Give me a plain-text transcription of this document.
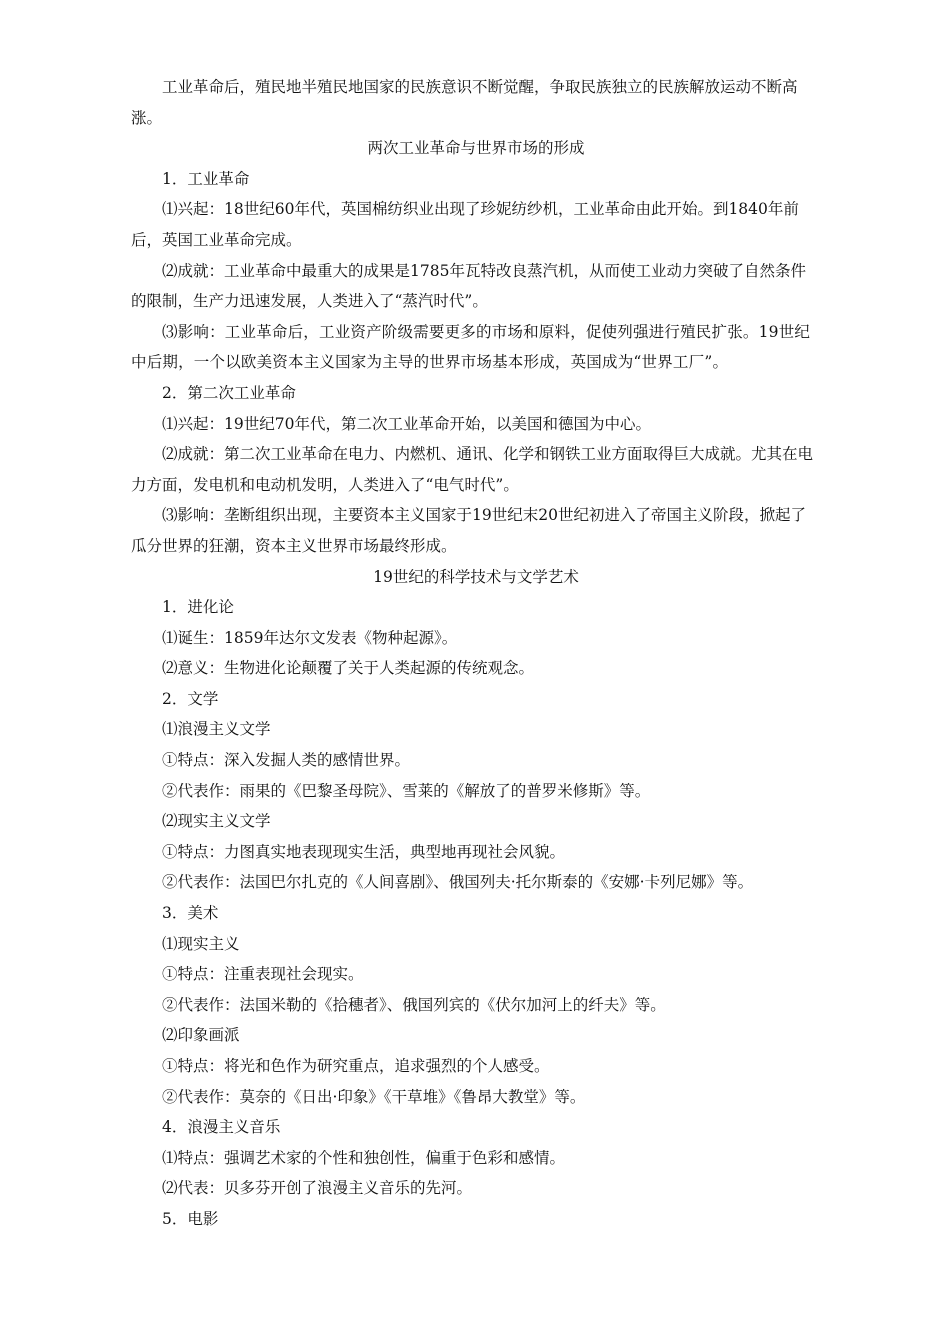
工业革命后，殖民地半殖民地国家的民族意识不断觉醒，争取民族独立的民族解放运动不断高涨。

两次工业革命与世界市场的形成

1．工业革命

⑴兴起：18世纪60年代，英国棉纺织业出现了珍妮纺纱机，工业革命由此开始。到1840年前后，英国工业革命完成。

⑵成就：工业革命中最重大的成果是1785年瓦特改良蒸汽机，从而使工业动力突破了自然条件的限制，生产力迅速发展，人类进入了“蒸汽时代”。

⑶影响：工业革命后，工业资产阶级需要更多的市场和原料，促使列强进行殖民扩张。19世纪中后期，一个以欧美资本主义国家为主导的世界市场基本形成，英国成为“世界工厂”。

2．第二次工业革命

⑴兴起：19世纪70年代，第二次工业革命开始，以美国和德国为中心。

⑵成就：第二次工业革命在电力、内燃机、通讯、化学和钢铁工业方面取得巨大成就。尤其在电力方面，发电机和电动机发明，人类进入了“电气时代”。

⑶影响：垄断组织出现，主要资本主义国家于19世纪末20世纪初进入了帝国主义阶段，掀起了瓜分世界的狂潮，资本主义世界市场最终形成。

19世纪的科学技术与文学艺术

1．进化论

⑴诞生：1859年达尔文发表《物种起源》。

⑵意义：生物进化论颠覆了关于人类起源的传统观念。

2．文学

⑴浪漫主义文学

①特点：深入发掘人类的感情世界。

②代表作：雨果的《巴黎圣母院》、雪莱的《解放了的普罗米修斯》等。

⑵现实主义文学

①特点：力图真实地表现现实生活，典型地再现社会风貌。

②代表作：法国巴尔扎克的《人间喜剧》、俄国列夫·托尔斯泰的《安娜·卡列尼娜》等。

3．美术

⑴现实主义

①特点：注重表现社会现实。

②代表作：法国米勒的《拾穗者》、俄国列宾的《伏尔加河上的纤夫》等。

⑵印象画派

①特点：将光和色作为研究重点，追求强烈的个人感受。

②代表作：莫奈的《日出·印象》《干草堆》《鲁昂大教堂》等。

4．浪漫主义音乐

⑴特点：强调艺术家的个性和独创性，偏重于色彩和感情。

⑵代表：贝多芬开创了浪漫主义音乐的先河。

5．电影
